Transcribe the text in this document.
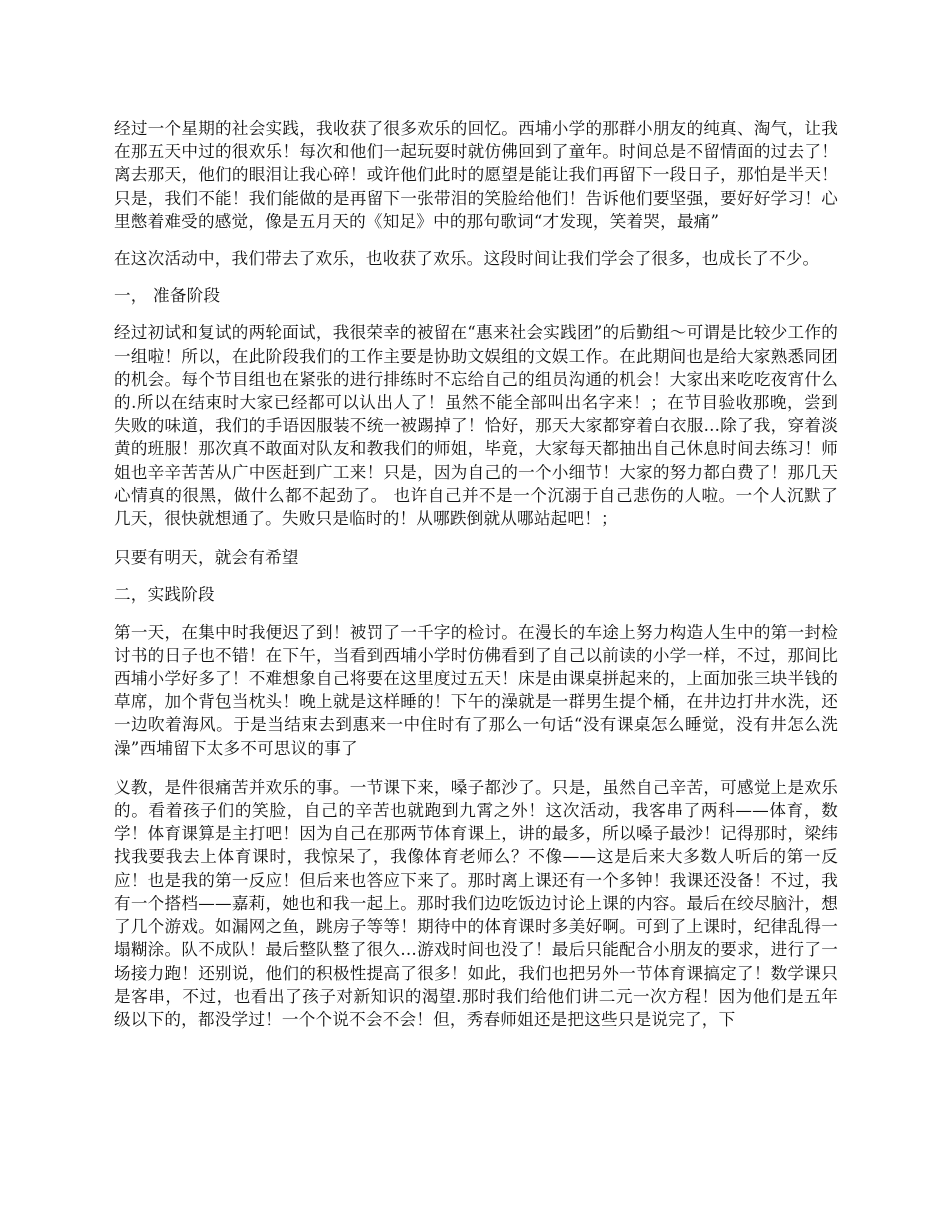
经过一个星期的社会实践，我收获了很多欢乐的回忆。西埔小学的那群小朋友的纯真、淘气，让我在那五天中过的很欢乐！每次和他们一起玩耍时就仿佛回到了童年。时间总是不留情面的过去了！离去那天，他们的眼泪让我心碎！或许他们此时的愿望是能让我们再留下一段日子，那怕是半天！只是，我们不能！我们能做的是再留下一张带泪的笑脸给他们！告诉他们要坚强，要好好学习！心里憋着难受的感觉，像是五月天的《知足》中的那句歌词“才发现，笑着哭，最痛”

在这次活动中，我们带去了欢乐，也收获了欢乐。这段时间让我们学会了很多，也成长了不少。

一， 准备阶段

经过初试和复试的两轮面试，我很荣幸的被留在“惠来社会实践团”的后勤组～可谓是比较少工作的一组啦！所以，在此阶段我们的工作主要是协助文娱组的文娱工作。在此期间也是给大家熟悉同团的机会。每个节目组也在紧张的进行排练时不忘给自己的组员沟通的机会！大家出来吃吃夜宵什么的.所以在结束时大家已经都可以认出人了！虽然不能全部叫出名字来！；在节目验收那晚，尝到失败的味道，我们的手语因服装不统一被踢掉了！恰好，那天大家都穿着白衣服...除了我，穿着淡黄的班服！那次真不敢面对队友和教我们的师姐，毕竟，大家每天都抽出自己休息时间去练习！师姐也辛辛苦苦从广中医赶到广工来！只是，因为自己的一个小细节！大家的努力都白费了！那几天心情真的很黑，做什么都不起劲了。 也许自己并不是一个沉溺于自己悲伤的人啦。一个人沉默了几天，很快就想通了。失败只是临时的！从哪跌倒就从哪站起吧！；

只要有明天，就会有希望

二，实践阶段

第一天，在集中时我便迟了到！被罚了一千字的检讨。在漫长的车途上努力构造人生中的第一封检讨书的日子也不错！在下午，当看到西埔小学时仿佛看到了自己以前读的小学一样，不过，那间比西埔小学好多了！不难想象自己将要在这里度过五天！床是由课桌拼起来的，上面加张三块半钱的草席，加个背包当枕头！晚上就是这样睡的！下午的澡就是一群男生提个桶，在井边打井水洗，还一边吹着海风。于是当结束去到惠来一中住时有了那么一句话“没有课桌怎么睡觉，没有井怎么洗澡”西埔留下太多不可思议的事了

义教，是件很痛苦并欢乐的事。一节课下来，嗓子都沙了。只是，虽然自己辛苦，可感觉上是欢乐的。看着孩子们的笑脸，自己的辛苦也就跑到九霄之外！这次活动，我客串了两科——体育，数学！体育课算是主打吧！因为自己在那两节体育课上，讲的最多，所以嗓子最沙！记得那时，梁纬找我要我去上体育课时，我惊呆了，我像体育老师么？不像——这是后来大多数人听后的第一反应！也是我的第一反应！但后来也答应下来了。那时离上课还有一个多钟！我课还没备！不过，我有一个搭档——嘉莉，她也和我一起上。那时我们边吃饭边讨论上课的内容。最后在绞尽脑汁，想了几个游戏。如漏网之鱼，跳房子等等！期待中的体育课时多美好啊。可到了上课时，纪律乱得一塌糊涂。队不成队！最后整队整了很久…游戏时间也没了！最后只能配合小朋友的要求，进行了一场接力跑！还别说，他们的积极性提高了很多！如此，我们也把另外一节体育课搞定了！数学课只是客串，不过，也看出了孩子对新知识的渴望.那时我们给他们讲二元一次方程！因为他们是五年级以下的，都没学过！一个个说不会不会！但，秀春师姐还是把这些只是说完了，下
